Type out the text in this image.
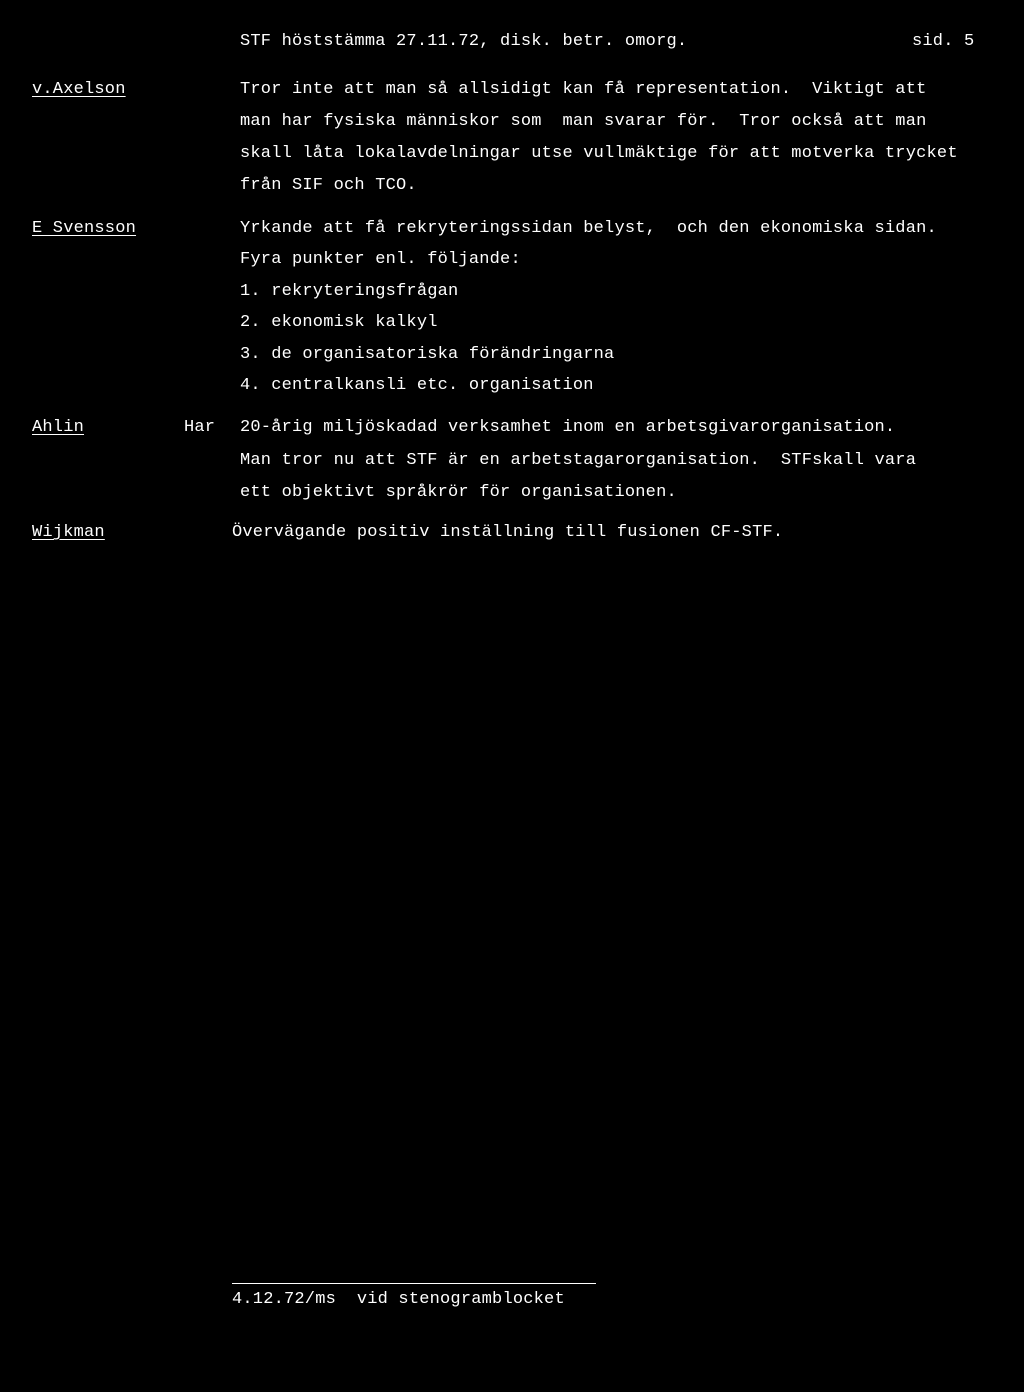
STF höststämma 27.11.72, disk. betr. omorg.	sid. 5
v.Axelson	Tror inte att man så allsidigt kan få representation.  Viktigt att
man har fysiska människor som  man svarar för.  Tror också att man
skall låta lokalavdelningar utse vullmäktige för att motverka trycket
från SIF och TCO.
E Svensson	Yrkande att få rekryteringssidan belyst,  och den ekonomiska sidan.
Fyra punkter enl. följande:
1. rekryteringsfrågan
2. ekonomisk kalkyl
3. de organisatoriska förändringarna
4. centralkansli etc. organisation
Ahlin	Har 20-årig miljöskadad verksamhet inom en arbetsgivarorganisation.
Man tror nu att STF är en arbetstagarorganisation.  STFskall vara
ett objektivt språkrör för organisationen.
Wijkman	Övervägande positiv inställning till fusionen CF-STF.
4.12.72/ms  vid stenogramblocket
